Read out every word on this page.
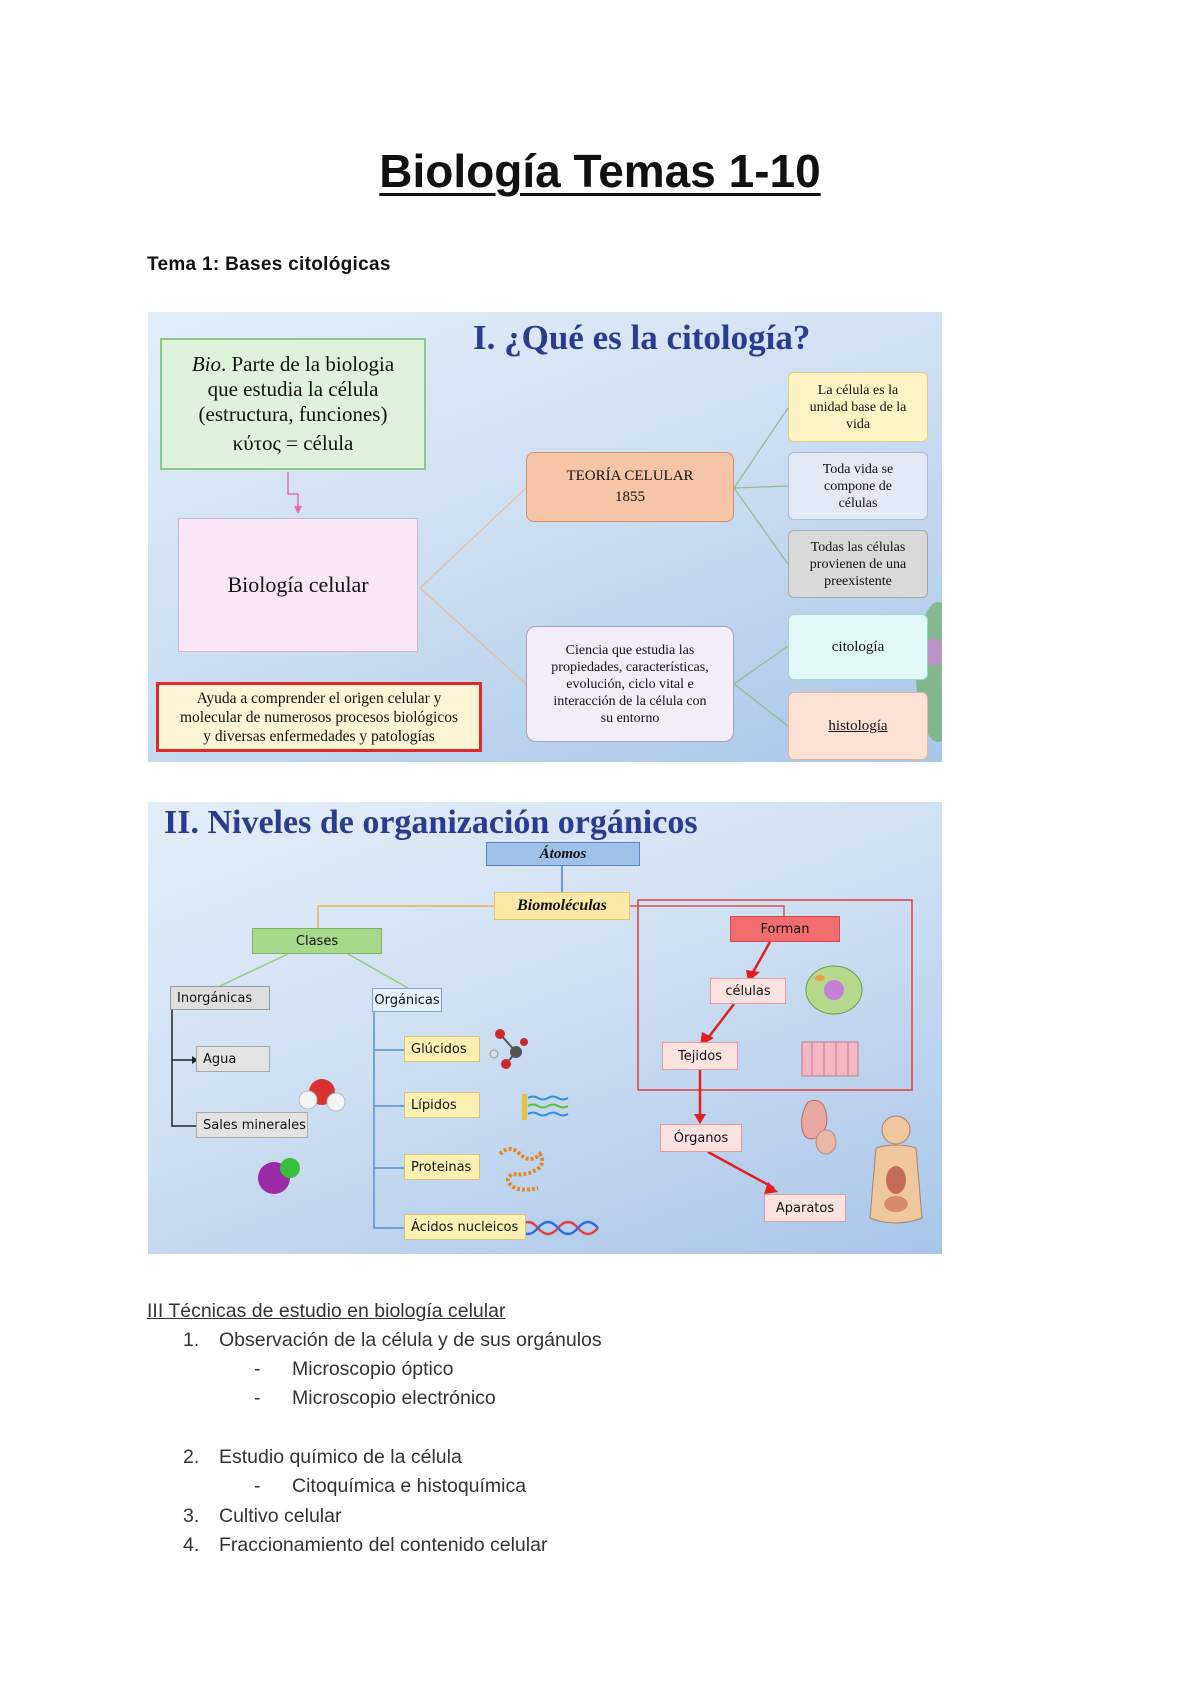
Biología Temas 1-10
Tema 1: Bases citológicas
I. ¿Qué es la citología?
Bio. Parte de la biologia
que estudia la célula
(estructura, funciones)
κύτος = célula
Biología celular
Ayuda a comprender el origen celular y
molecular de numerosos procesos biológicos
y diversas enfermedades y patologías
TEORÍA CELULAR
1855
Ciencia que estudia las
propiedades, características,
evolución, ciclo vital e
interacción de la célula con
su entorno
La célula es la
unidad base de la
vida
Toda vida se
compone de
células
Todas las células
provienen de una
preexistente
citología
histología
II. Niveles de organización orgánicos
Átomos
Biomoléculas
Clases
Inorgánicas
Agua
Sales minerales
Orgánicas
Glúcidos
Lípidos
Proteinas
Ácidos nucleicos
Forman
células
Tejidos
Órganos
Aparatos
III Técnicas de estudio en biología celular
1. Observación de la célula y de sus orgánulos
- Microscopio óptico
- Microscopio electrónico
2. Estudio químico de la célula
- Citoquímica e histoquímica
3. Cultivo celular
4. Fraccionamiento del contenido celular
